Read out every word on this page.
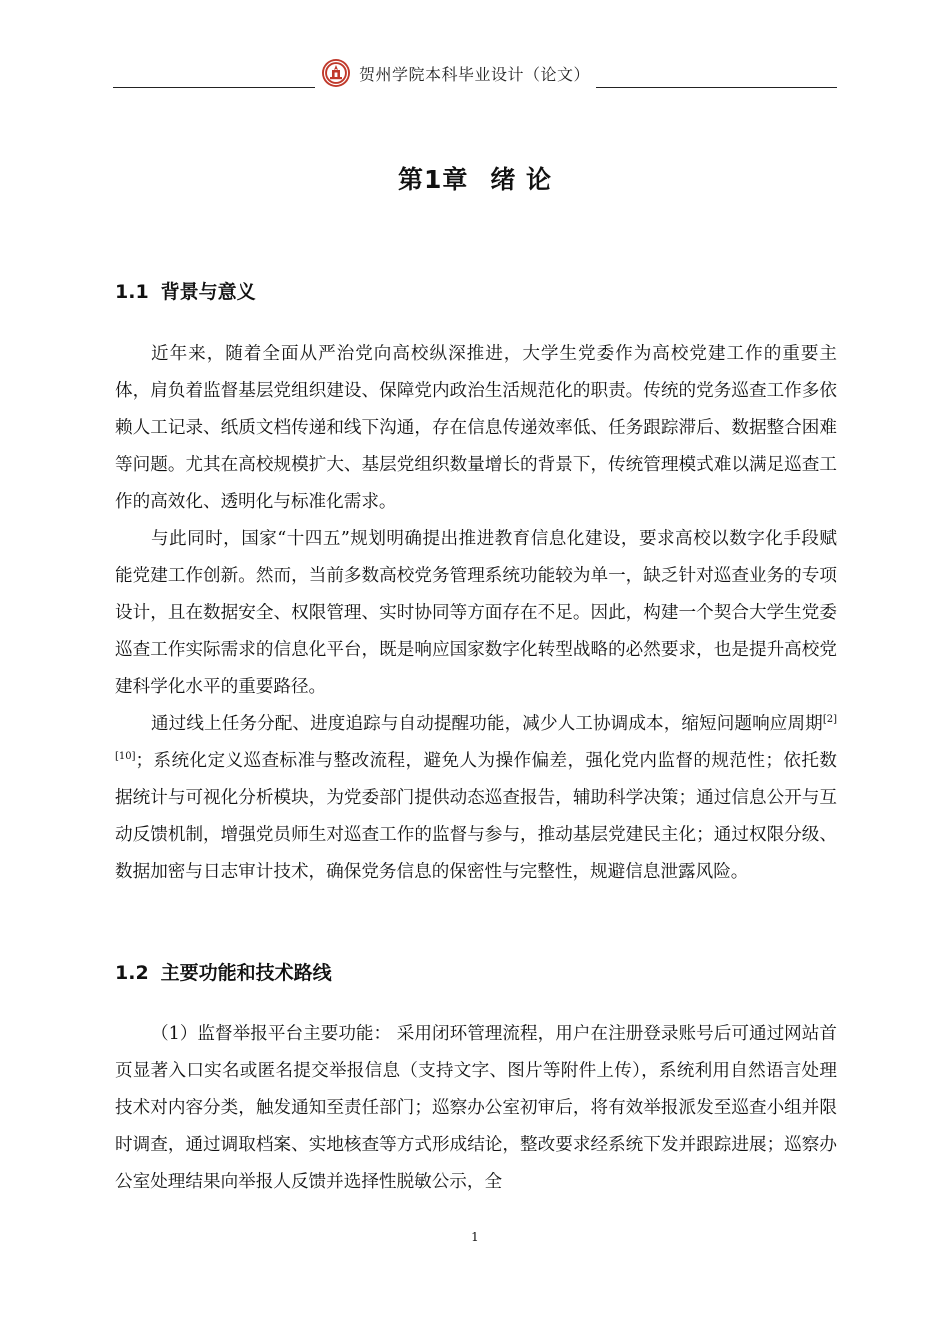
贺州学院本科毕业设计（论文）
第1章 绪 论
1.1 背景与意义

近年来，随着全面从严治党向高校纵深推进，大学生党委作为高校党建工作的重要主体，肩负着监督基层党组织建设、保障党内政治生活规范化的职责。传统的党务巡查工作多依赖人工记录、纸质文档传递和线下沟通，存在信息传递效率低、任务跟踪滞后、数据整合困难等问题。尤其在高校规模扩大、基层党组织数量增长的背景下，传统管理模式难以满足巡查工作的高效化、透明化与标准化需求。

与此同时，国家“十四五”规划明确提出推进教育信息化建设，要求高校以数字化手段赋能党建工作创新。然而，当前多数高校党务管理系统功能较为单一，缺乏针对巡查业务的专项设计，且在数据安全、权限管理、实时协同等方面存在不足。因此，构建一个契合大学生党委巡查工作实际需求的信息化平台，既是响应国家数字化转型战略的必然要求，也是提升高校党建科学化水平的重要路径。

通过线上任务分配、进度追踪与自动提醒功能，减少人工协调成本，缩短问题响应周期[2][10]；系统化定义巡查标准与整改流程，避免人为操作偏差，强化党内监督的规范性；依托数据统计与可视化分析模块，为党委部门提供动态巡查报告，辅助科学决策；通过信息公开与互动反馈机制，增强党员师生对巡查工作的监督与参与，推动基层党建民主化；通过权限分级、数据加密与日志审计技术，确保党务信息的保密性与完整性，规避信息泄露风险。

1.2 主要功能和技术路线

（1）监督举报平台主要功能： 采用闭环管理流程，用户在注册登录账号后可通过网站首页显著入口实名或匿名提交举报信息（支持文字、图片等附件上传），系统利用自然语言处理技术对内容分类，触发通知至责任部门；巡察办公室初审后，将有效举报派发至巡查小组并限时调查，通过调取档案、实地核查等方式形成结论，整改要求经系统下发并跟踪进展；巡察办公室处理结果向举报人反馈并选择性脱敏公示，全

1
